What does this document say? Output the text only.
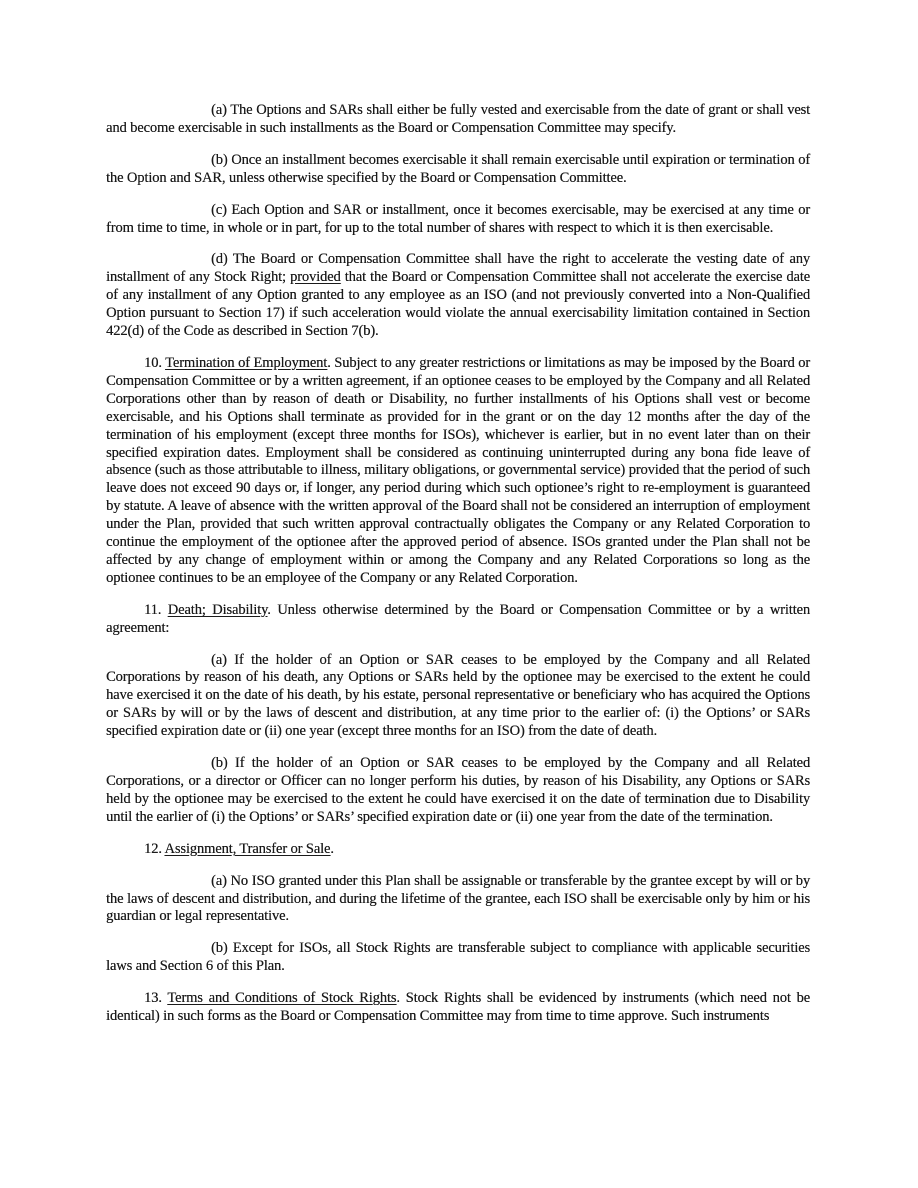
(a) The Options and SARs shall either be fully vested and exercisable from the date of grant or shall vest and become exercisable in such installments as the Board or Compensation Committee may specify.

(b) Once an installment becomes exercisable it shall remain exercisable until expiration or termination of the Option and SAR, unless otherwise specified by the Board or Compensation Committee.

(c) Each Option and SAR or installment, once it becomes exercisable, may be exercised at any time or from time to time, in whole or in part, for up to the total number of shares with respect to which it is then exercisable.

(d) The Board or Compensation Committee shall have the right to accelerate the vesting date of any installment of any Stock Right; provided that the Board or Compensation Committee shall not accelerate the exercise date of any installment of any Option granted to any employee as an ISO (and not previously converted into a Non-Qualified Option pursuant to Section 17) if such acceleration would violate the annual exercisability limitation contained in Section 422(d) of the Code as described in Section 7(b).

10. Termination of Employment. Subject to any greater restrictions or limitations as may be imposed by the Board or Compensation Committee or by a written agreement, if an optionee ceases to be employed by the Company and all Related Corporations other than by reason of death or Disability, no further installments of his Options shall vest or become exercisable, and his Options shall terminate as provided for in the grant or on the day 12 months after the day of the termination of his employment (except three months for ISOs), whichever is earlier, but in no event later than on their specified expiration dates. Employment shall be considered as continuing uninterrupted during any bona fide leave of absence (such as those attributable to illness, military obligations, or governmental service) provided that the period of such leave does not exceed 90 days or, if longer, any period during which such optionee’s right to re-employment is guaranteed by statute. A leave of absence with the written approval of the Board shall not be considered an interruption of employment under the Plan, provided that such written approval contractually obligates the Company or any Related Corporation to continue the employment of the optionee after the approved period of absence. ISOs granted under the Plan shall not be affected by any change of employment within or among the Company and any Related Corporations so long as the optionee continues to be an employee of the Company or any Related Corporation.

11. Death; Disability. Unless otherwise determined by the Board or Compensation Committee or by a written agreement:

(a) If the holder of an Option or SAR ceases to be employed by the Company and all Related Corporations by reason of his death, any Options or SARs held by the optionee may be exercised to the extent he could have exercised it on the date of his death, by his estate, personal representative or beneficiary who has acquired the Options or SARs by will or by the laws of descent and distribution, at any time prior to the earlier of: (i) the Options’ or SARs specified expiration date or (ii) one year (except three months for an ISO) from the date of death.

(b) If the holder of an Option or SAR ceases to be employed by the Company and all Related Corporations, or a director or Officer can no longer perform his duties, by reason of his Disability, any Options or SARs held by the optionee may be exercised to the extent he could have exercised it on the date of termination due to Disability until the earlier of (i) the Options’ or SARs’ specified expiration date or (ii) one year from the date of the termination.

12. Assignment, Transfer or Sale.

(a) No ISO granted under this Plan shall be assignable or transferable by the grantee except by will or by the laws of descent and distribution, and during the lifetime of the grantee, each ISO shall be exercisable only by him or his guardian or legal representative.

(b) Except for ISOs, all Stock Rights are transferable subject to compliance with applicable securities laws and Section 6 of this Plan.

13. Terms and Conditions of Stock Rights. Stock Rights shall be evidenced by instruments (which need not be identical) in such forms as the Board or Compensation Committee may from time to time approve. Such instruments
